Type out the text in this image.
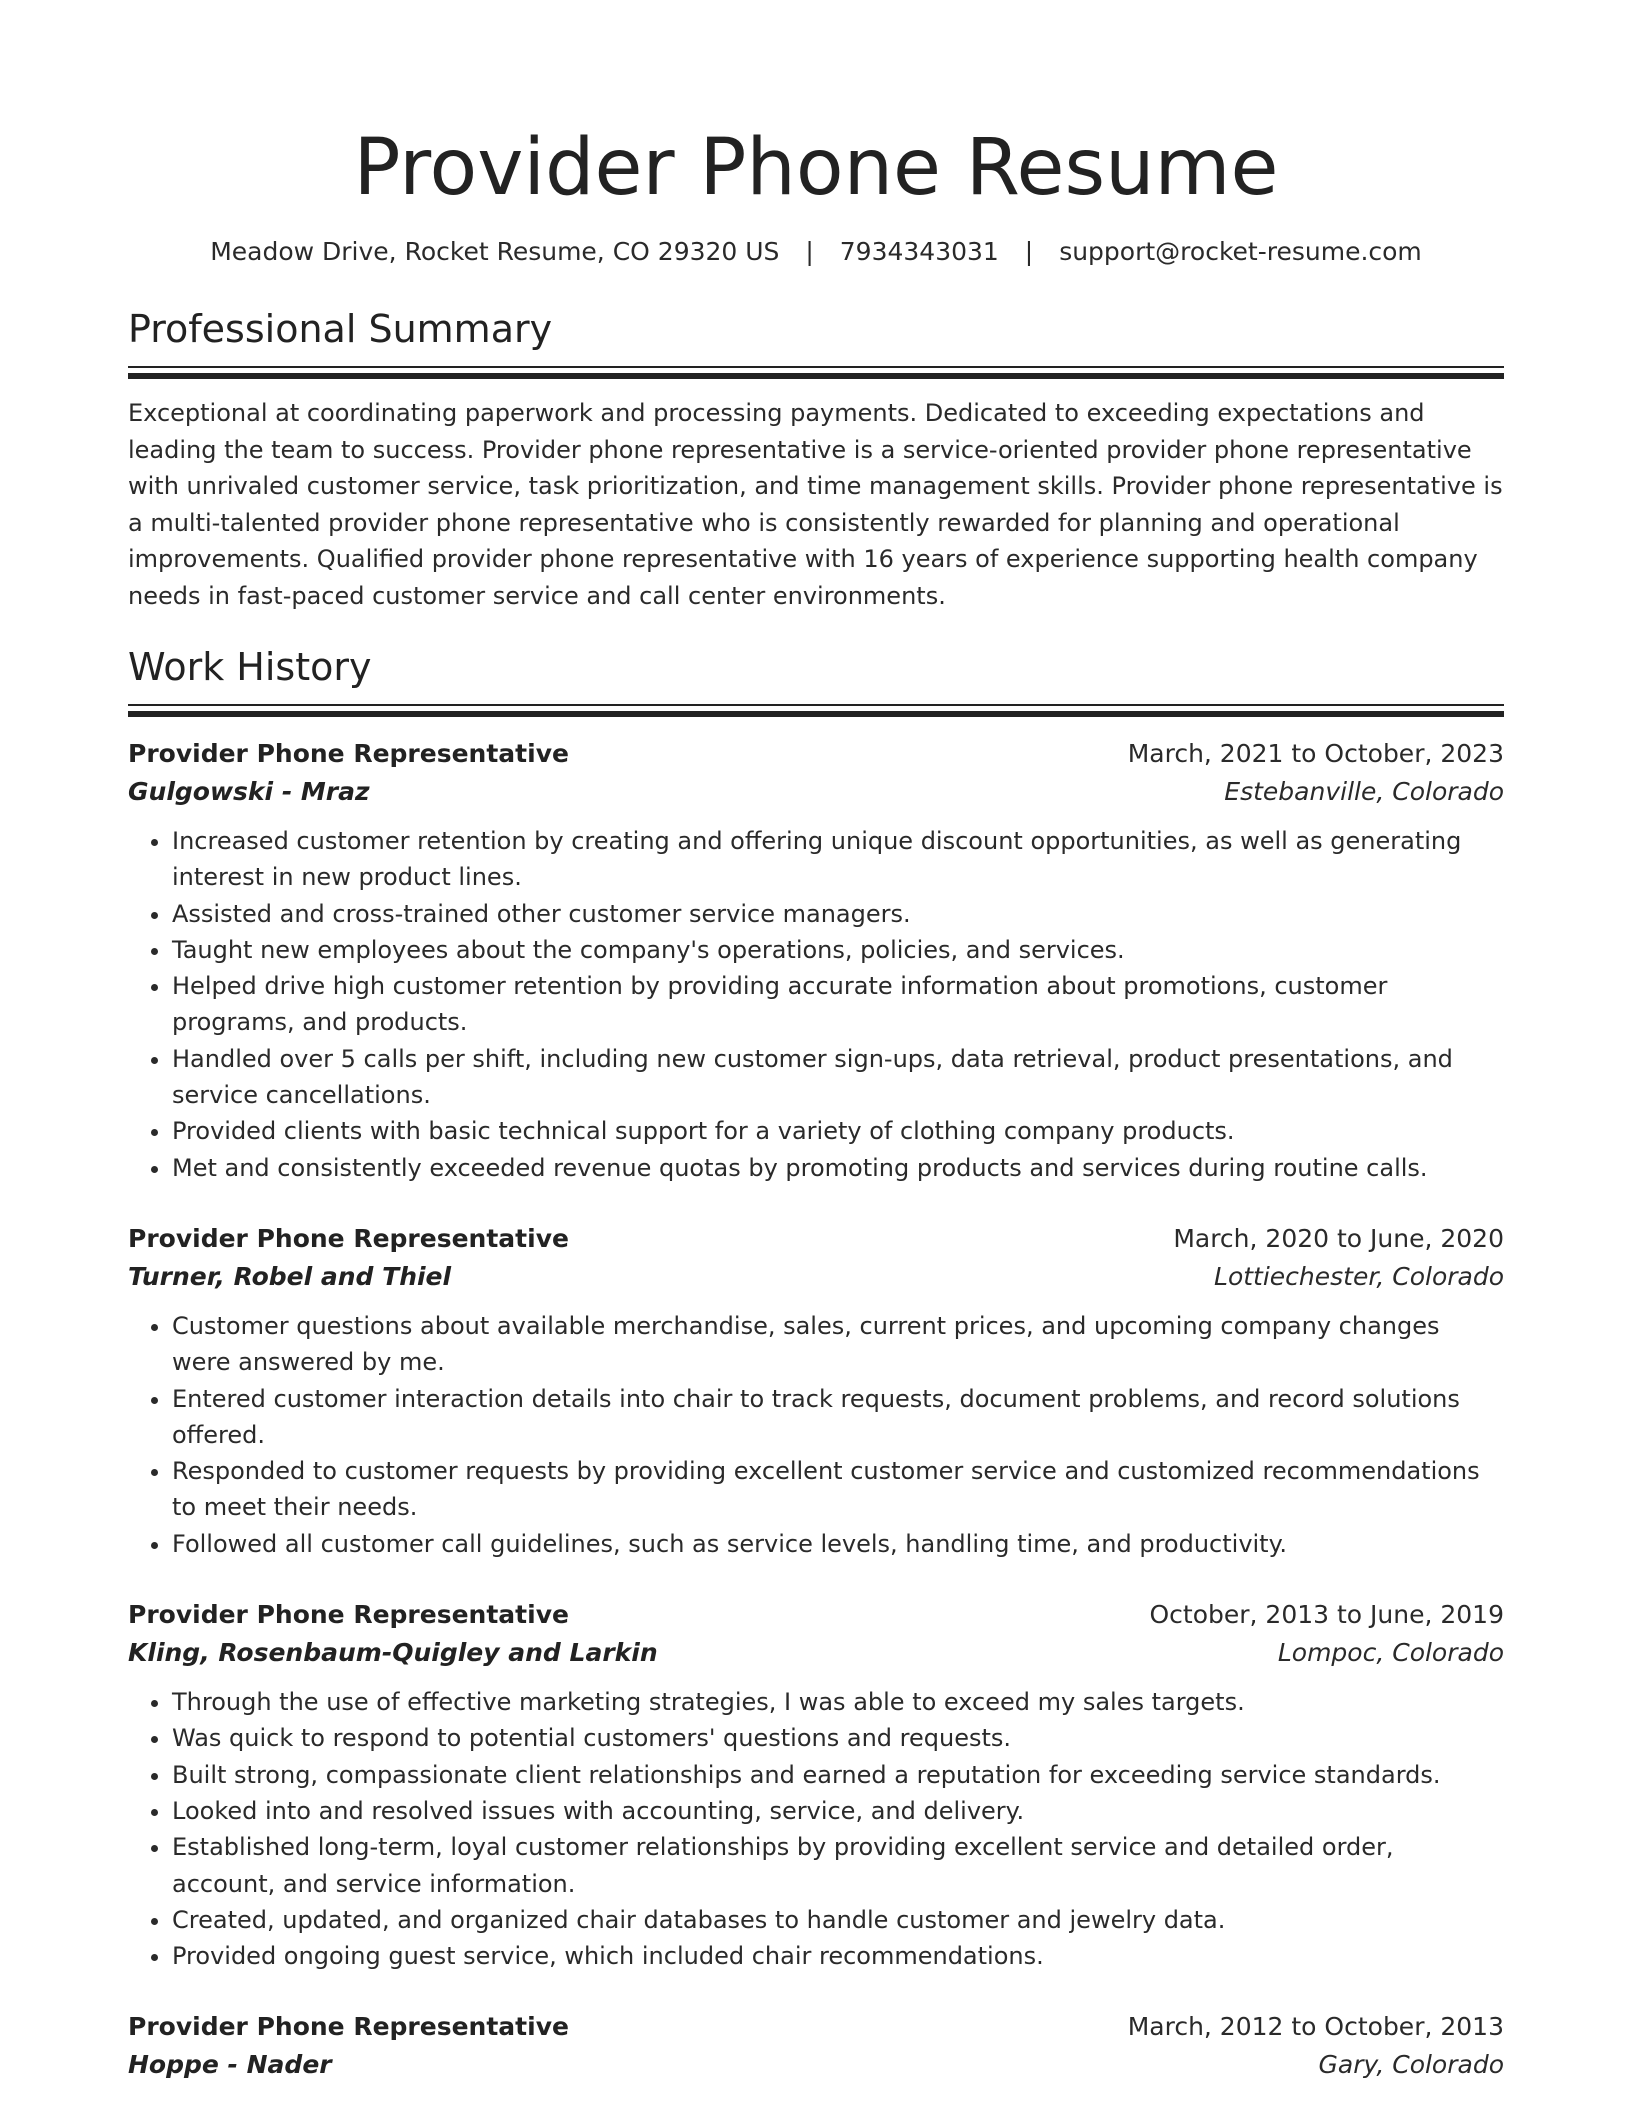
Provider Phone Resume
Meadow Drive, Rocket Resume, CO 29320 US | 7934343031 | support@rocket-resume.com
Professional Summary

Exceptional at coordinating paperwork and processing payments. Dedicated to exceeding expectations and leading the team to success. Provider phone representative is a service-oriented provider phone representative with unrivaled customer service, task prioritization, and time management skills. Provider phone representative is a multi-talented provider phone representative who is consistently rewarded for planning and operational improvements. Qualified provider phone representative with 16 years of experience supporting health company needs in fast-paced customer service and call center environments.

Work History
Provider Phone Representative	March, 2021 to October, 2023
Gulgowski - Mraz	Estebanville, Colorado
• Increased customer retention by creating and offering unique discount opportunities, as well as generating interest in new product lines.
• Assisted and cross-trained other customer service managers.
• Taught new employees about the company's operations, policies, and services.
• Helped drive high customer retention by providing accurate information about promotions, customer programs, and products.
• Handled over 5 calls per shift, including new customer sign-ups, data retrieval, product presentations, and service cancellations.
• Provided clients with basic technical support for a variety of clothing company products.
• Met and consistently exceeded revenue quotas by promoting products and services during routine calls.
Provider Phone Representative	March, 2020 to June, 2020
Turner, Robel and Thiel	Lottiechester, Colorado
• Customer questions about available merchandise, sales, current prices, and upcoming company changes were answered by me.
• Entered customer interaction details into chair to track requests, document problems, and record solutions offered.
• Responded to customer requests by providing excellent customer service and customized recommendations to meet their needs.
• Followed all customer call guidelines, such as service levels, handling time, and productivity.
Provider Phone Representative	October, 2013 to June, 2019
Kling, Rosenbaum-Quigley and Larkin	Lompoc, Colorado
• Through the use of effective marketing strategies, I was able to exceed my sales targets.
• Was quick to respond to potential customers' questions and requests.
• Built strong, compassionate client relationships and earned a reputation for exceeding service standards.
• Looked into and resolved issues with accounting, service, and delivery.
• Established long-term, loyal customer relationships by providing excellent service and detailed order, account, and service information.
• Created, updated, and organized chair databases to handle customer and jewelry data.
• Provided ongoing guest service, which included chair recommendations.
Provider Phone Representative	March, 2012 to October, 2013
Hoppe - Nader	Gary, Colorado
